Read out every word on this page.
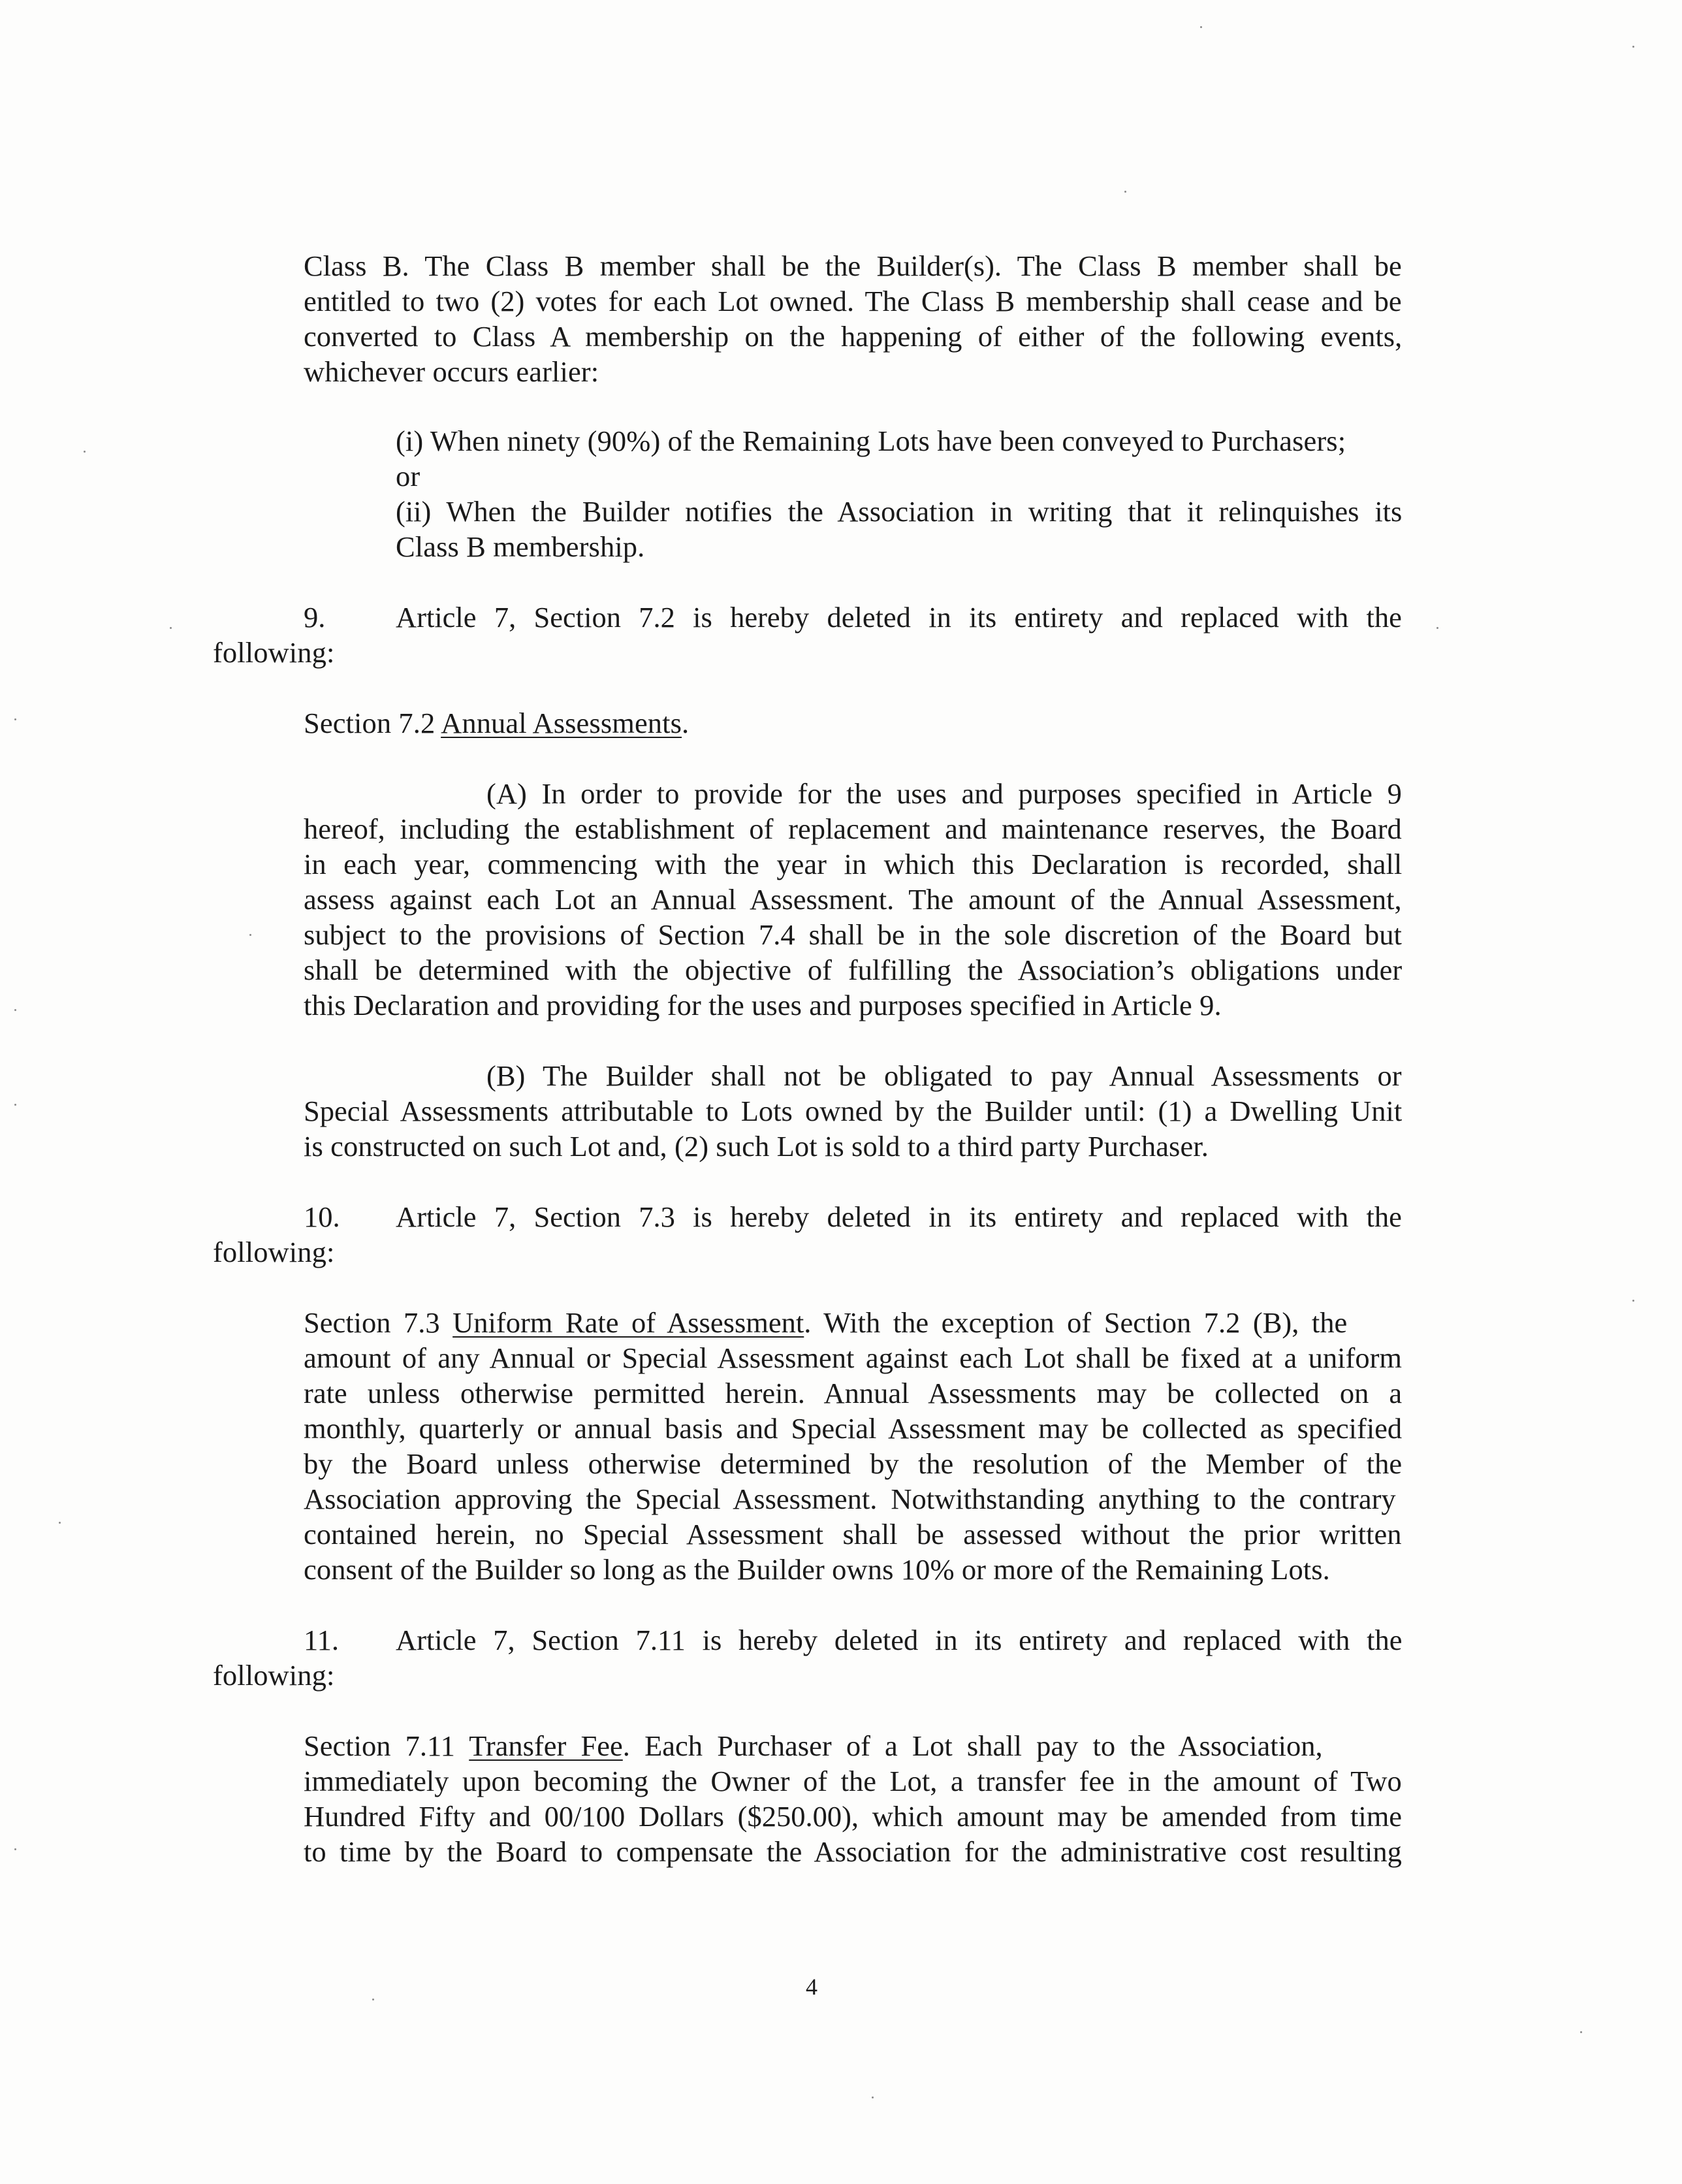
Class B. The Class B member shall be the Builder(s). The Class B member shall be
entitled to two (2) votes for each Lot owned. The Class B membership shall cease and be
converted to Class A membership on the happening of either of the following events,
whichever occurs earlier:
(i) When ninety (90%) of the Remaining Lots have been conveyed to Purchasers;
or
(ii) When the Builder notifies the Association in writing that it relinquishes its
Class B membership.
9. Article 7, Section 7.2 is hereby deleted in its entirety and replaced with the
following:
Section 7.2 Annual Assessments.
(A) In order to provide for the uses and purposes specified in Article 9
hereof, including the establishment of replacement and maintenance reserves, the Board
in each year, commencing with the year in which this Declaration is recorded, shall
assess against each Lot an Annual Assessment. The amount of the Annual Assessment,
subject to the provisions of Section 7.4 shall be in the sole discretion of the Board but
shall be determined with the objective of fulfilling the Association’s obligations under
this Declaration and providing for the uses and purposes specified in Article 9.
(B) The Builder shall not be obligated to pay Annual Assessments or
Special Assessments attributable to Lots owned by the Builder until: (1) a Dwelling Unit
is constructed on such Lot and, (2) such Lot is sold to a third party Purchaser.
10. Article 7, Section 7.3 is hereby deleted in its entirety and replaced with the
following:
Section 7.3 Uniform Rate of Assessment. With the exception of Section 7.2 (B), the
amount of any Annual or Special Assessment against each Lot shall be fixed at a uniform
rate unless otherwise permitted herein. Annual Assessments may be collected on a
monthly, quarterly or annual basis and Special Assessment may be collected as specified
by the Board unless otherwise determined by the resolution of the Member of the
Association approving the Special Assessment. Notwithstanding anything to the contrary
contained herein, no Special Assessment shall be assessed without the prior written
consent of the Builder so long as the Builder owns 10% or more of the Remaining Lots.
11. Article 7, Section 7.11 is hereby deleted in its entirety and replaced with the
following:
Section 7.11 Transfer Fee. Each Purchaser of a Lot shall pay to the Association,
immediately upon becoming the Owner of the Lot, a transfer fee in the amount of Two
Hundred Fifty and 00/100 Dollars ($250.00), which amount may be amended from time
to time by the Board to compensate the Association for the administrative cost resulting
4
